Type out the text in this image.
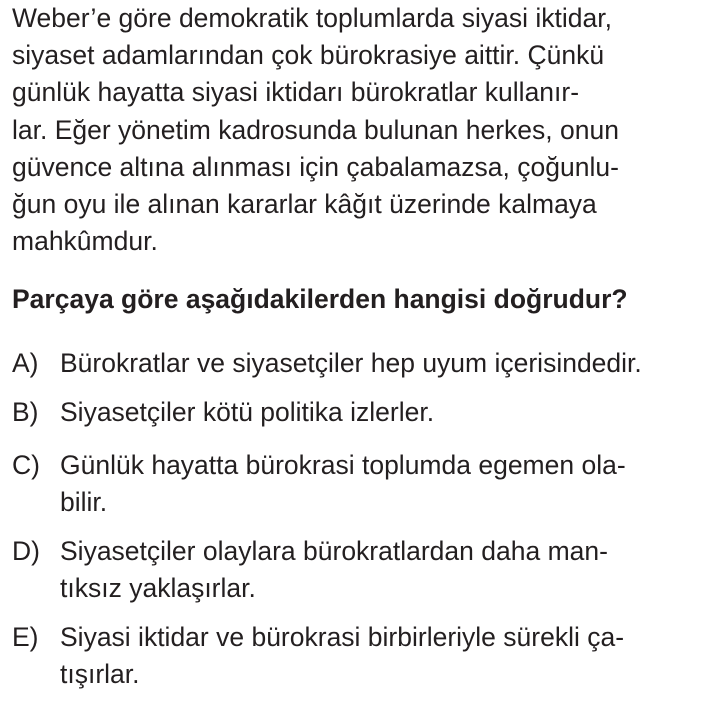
Weber’e göre demokratik toplumlarda siyasi iktidar,
siyaset adamlarından çok bürokrasiye aittir. Çünkü
günlük hayatta siyasi iktidarı bürokratlar kullanır-
lar. Eğer yönetim kadrosunda bulunan herkes, onun
güvence altına alınması için çabalamazsa, çoğunlu-
ğun oyu ile alınan kararlar kâğıt üzerinde kalmaya
mahkûmdur.

Parçaya göre aşağıdakilerden hangisi doğrudur?

A) Bürokratlar ve siyasetçiler hep uyum içerisindedir.
B) Siyasetçiler kötü politika izlerler.
C) Günlük hayatta bürokrasi toplumda egemen ola-
bilir.
D) Siyasetçiler olaylara bürokratlardan daha man-
tıksız yaklaşırlar.
E) Siyasi iktidar ve bürokrasi birbirleriyle sürekli ça-
tışırlar.
